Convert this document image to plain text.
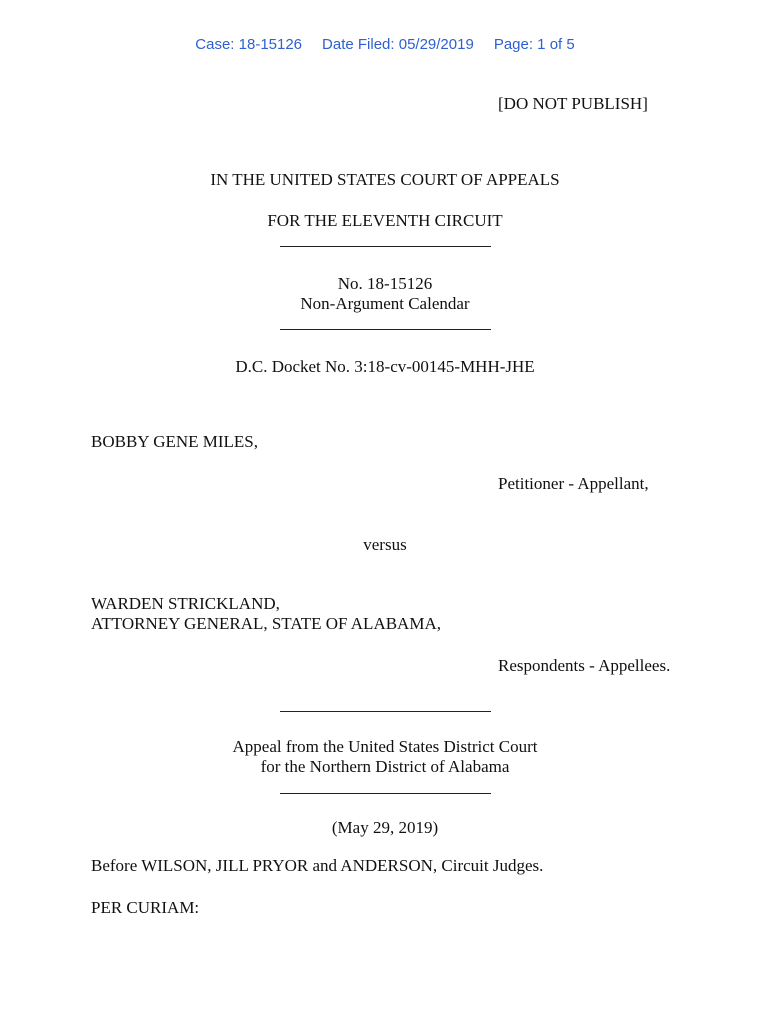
Case: 18-15126 Date Filed: 05/29/2019 Page: 1 of 5
[DO NOT PUBLISH]
IN THE UNITED STATES COURT OF APPEALS
FOR THE ELEVENTH CIRCUIT
No. 18-15126
Non-Argument Calendar
D.C. Docket No. 3:18-cv-00145-MHH-JHE
BOBBY GENE MILES,
Petitioner - Appellant,
versus
WARDEN STRICKLAND,
ATTORNEY GENERAL, STATE OF ALABAMA,
Respondents - Appellees.
Appeal from the United States District Court
for the Northern District of Alabama
(May 29, 2019)
Before WILSON, JILL PRYOR and ANDERSON, Circuit Judges.
PER CURIAM:
